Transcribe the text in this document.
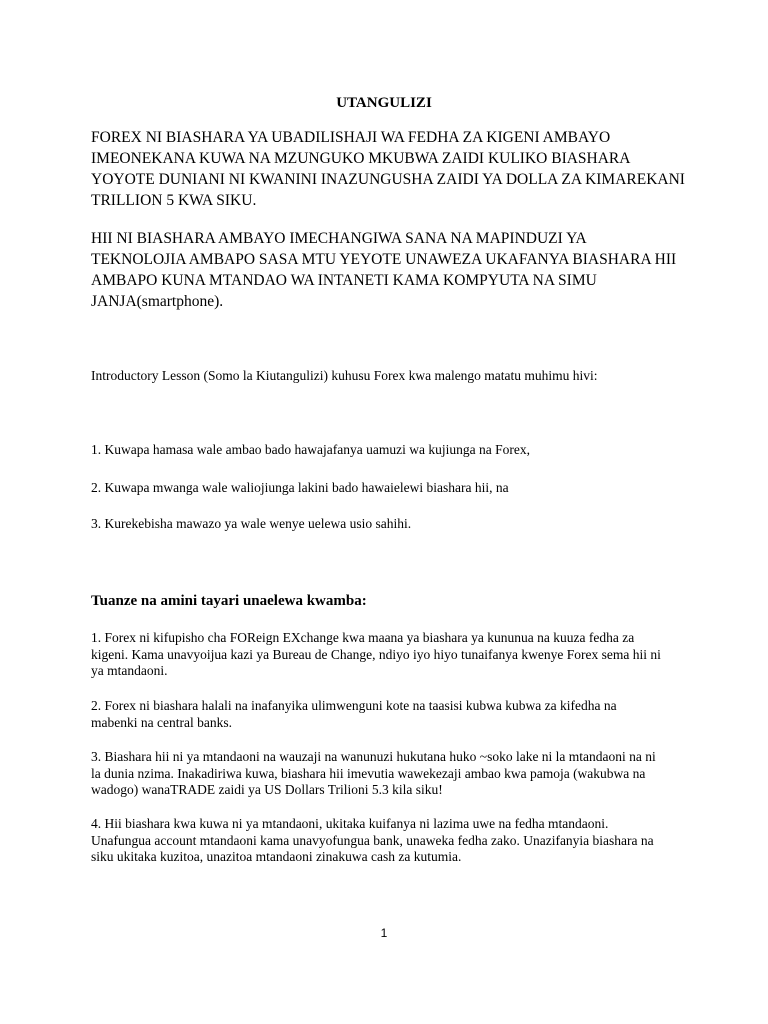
UTANGULIZI

FOREX NI BIASHARA YA UBADILISHAJI WA FEDHA ZA KIGENI AMBAYO
IMEONEKANA KUWA NA MZUNGUKO MKUBWA ZAIDI KULIKO BIASHARA
YOYOTE DUNIANI NI KWANINI INAZUNGUSHA ZAIDI YA DOLLA ZA KIMAREKANI
TRILLION 5 KWA SIKU.

HII NI BIASHARA AMBAYO IMECHANGIWA SANA NA MAPINDUZI YA
TEKNOLOJIA AMBAPO SASA MTU YEYOTE UNAWEZA UKAFANYA BIASHARA HII
AMBAPO KUNA MTANDAO WA INTANETI KAMA KOMPYUTA NA SIMU
JANJA(smartphone).

Introductory Lesson (Somo la Kiutangulizi) kuhusu Forex kwa malengo matatu muhimu hivi:

1. Kuwapa hamasa wale ambao bado hawajafanya uamuzi wa kujiunga na Forex,

2. Kuwapa mwanga wale waliojiunga lakini bado hawaielewi biashara hii, na

3. Kurekebisha mawazo ya wale wenye uelewa usio sahihi.

Tuanze na amini tayari unaelewa kwamba:

1. Forex ni kifupisho cha FOReign EXchange kwa maana ya biashara ya kununua na kuuza fedha za
kigeni. Kama unavyoijua kazi ya Bureau de Change, ndiyo iyo hiyo tunaifanya kwenye Forex sema hii ni
ya mtandaoni.

2. Forex ni biashara halali na inafanyika ulimwenguni kote na taasisi kubwa kubwa za kifedha na
mabenki na central banks.

3. Biashara hii ni ya mtandaoni na wauzaji na wanunuzi hukutana huko ~soko lake ni la mtandaoni na ni
la dunia nzima. Inakadiriwa kuwa, biashara hii imevutia wawekezaji ambao kwa pamoja (wakubwa na
wadogo) wanaTRADE zaidi ya US Dollars Trilioni 5.3 kila siku!

4. Hii biashara kwa kuwa ni ya mtandaoni, ukitaka kuifanya ni lazima uwe na fedha mtandaoni.
Unafungua account mtandaoni kama unavyofungua bank, unaweka fedha zako. Unazifanyia biashara na
siku ukitaka kuzitoa, unazitoa mtandaoni zinakuwa cash za kutumia.

1
